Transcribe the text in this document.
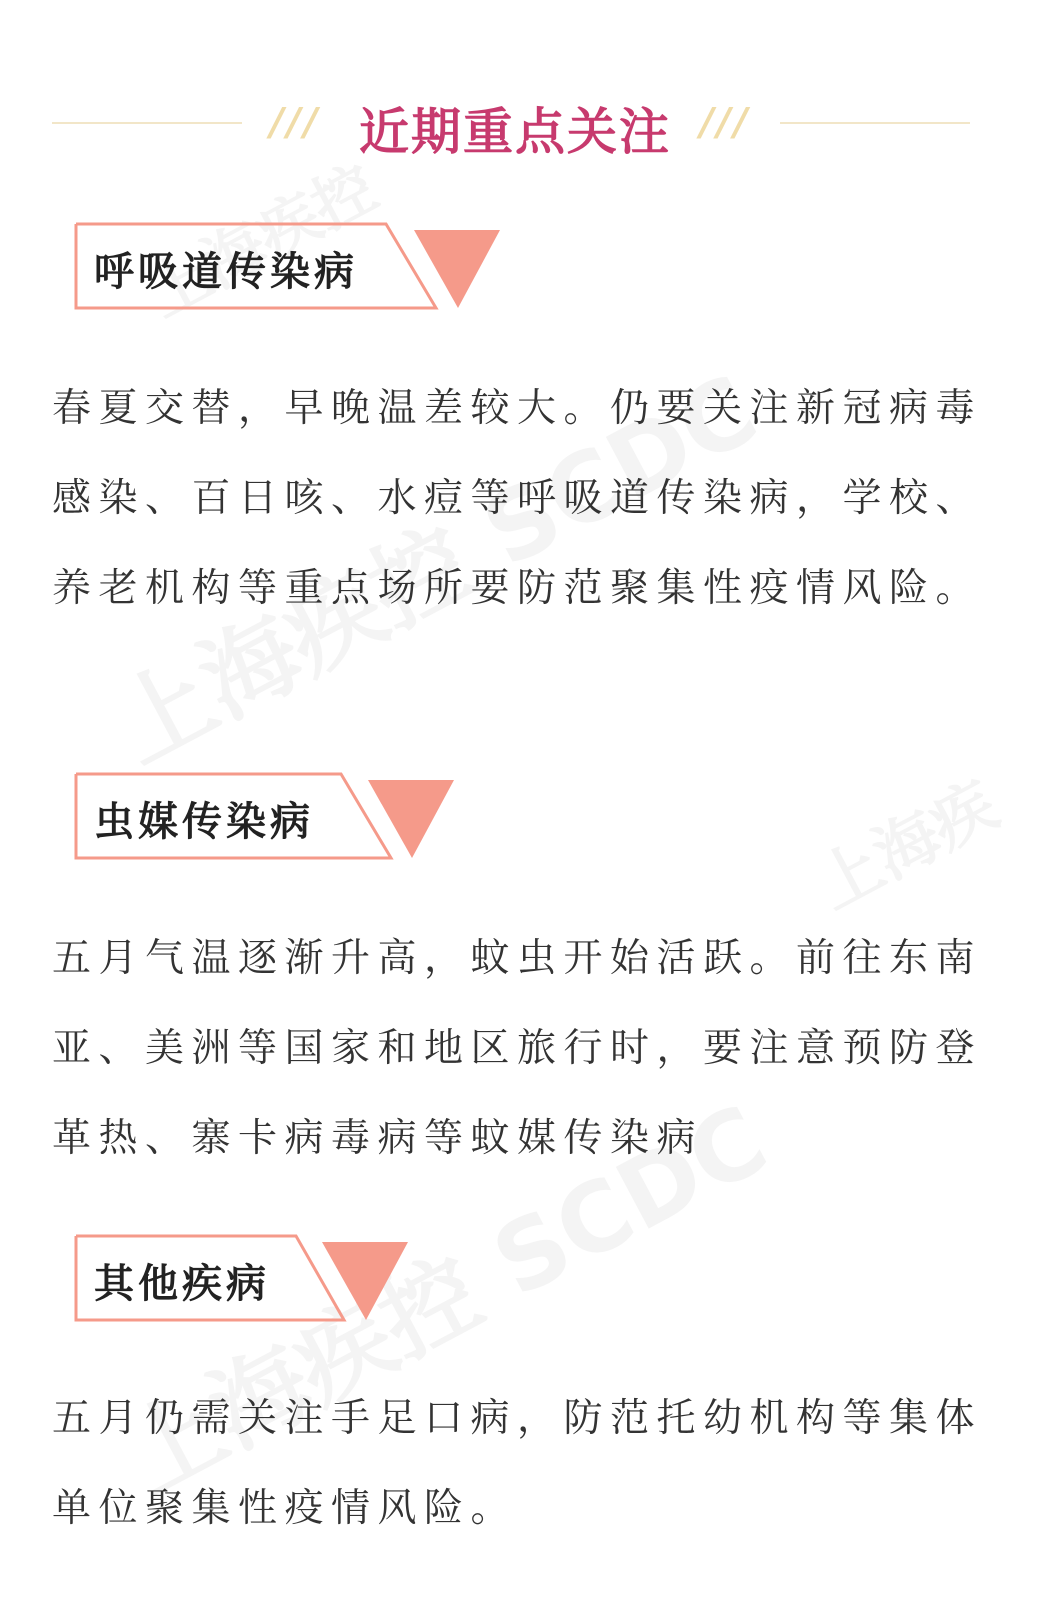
/// 近期重点关注 ///
呼吸道传染病

春夏交替，早晚温差较大。仍要关注新冠病毒感染、百日咳、水痘等呼吸道传染病，学校、养老机构等重点场所要防范聚集性疫情风险。

虫媒传染病

五月气温逐渐升高，蚊虫开始活跃。前往东南亚、美洲等国家和地区旅行时，要注意预防登革热、寨卡病毒病等蚊媒传染病

其他疾病

五月仍需关注手足口病，防范托幼机构等集体单位聚集性疫情风险。
